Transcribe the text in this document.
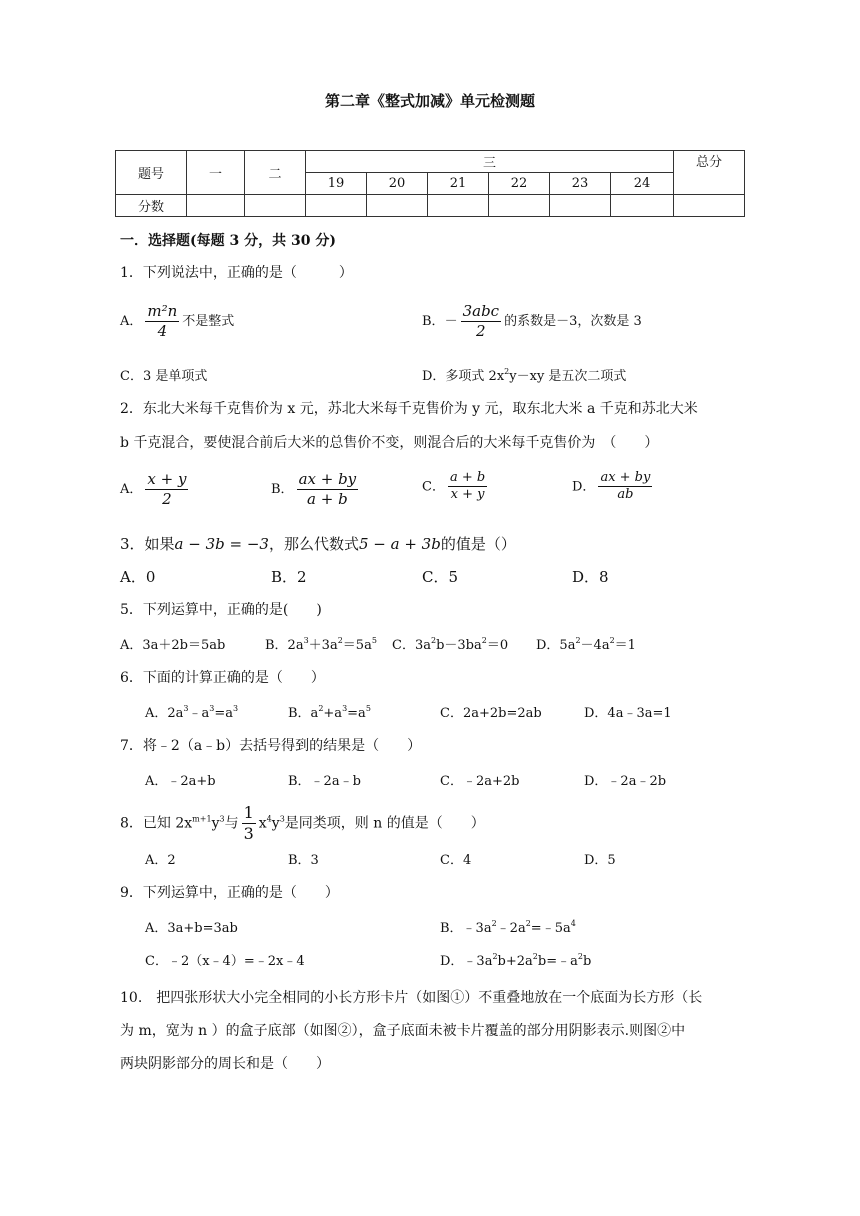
第二章《整式加减》单元检测题
题号	一	二	三						总分
			19	20	21	22	23	24	
分数									
一．选择题(每题 3 分，共 30 分)
1．下列说法中，正确的是（　　　）
A． $\frac{\text{m²n}}{4}$ 不是整式	B．－ $\frac{\text{3abc}}{2}$ 的系数是－3，次数是 3
C．3 是单项式	D．多项式 $2x^2y-xy$ 是五次二项式
2．东北大米每千克售价为 x 元，苏北大米每千克售价为 y 元，取东北大米 a 千克和苏北大米
b 千克混合，要使混合前后大米的总售价不变，则混合后的大米每千克售价为　（　　）
A． $\frac{x + y}{2}$	B． $\frac{ax + by}{a + b}$	C． $\frac{a + b}{x + y}$	D． $\frac{ax + by}{ab}$
3．如果a − 3b = −3，那么代数式5 − a + 3b的值是（）
A．0	B．2	C．5	D．8
5．下列运算中，正确的是(　　)
A．3a＋2b＝5ab	B．$2a^3+3a^2=5a^5$ C．$3a^2b-3ba^2=0$ D．$5a^2-4a^2=1$
6．下面的计算正确的是（　　）
A．$2a^3﹣a^3=a^3$	B．$a^2+a^3=a^5$	C．2a+2b=2ab	D．4a﹣3a=1
7．将﹣2（a﹣b）去括号得到的结果是（　　）
A．﹣2a+b	B．﹣2a﹣b	C．﹣2a+2b	D．﹣2a﹣2b
8．已知 $2x^{m+1}y^3$与 $\frac{1}{3} x^4y^3$是同类项，则 n 的值是（　　）
A．2	B．3	C．4	D．5
9．下列运算中，正确的是（　　）
A．3a+b=3ab	B．$﹣3a^2﹣2a^2=﹣5a^4$
C．﹣2（x﹣4）=﹣2x﹣4	D．$﹣3a^2b+2a^2b=﹣a^2b$
10.　把四张形状大小完全相同的小长方形卡片（如图①）不重叠地放在一个底面为长方形（长
为 m，宽为 n ）的盒子底部（如图②），盒子底面未被卡片覆盖的部分用阴影表示.则图②中
两块阴影部分的周长和是（　　）
